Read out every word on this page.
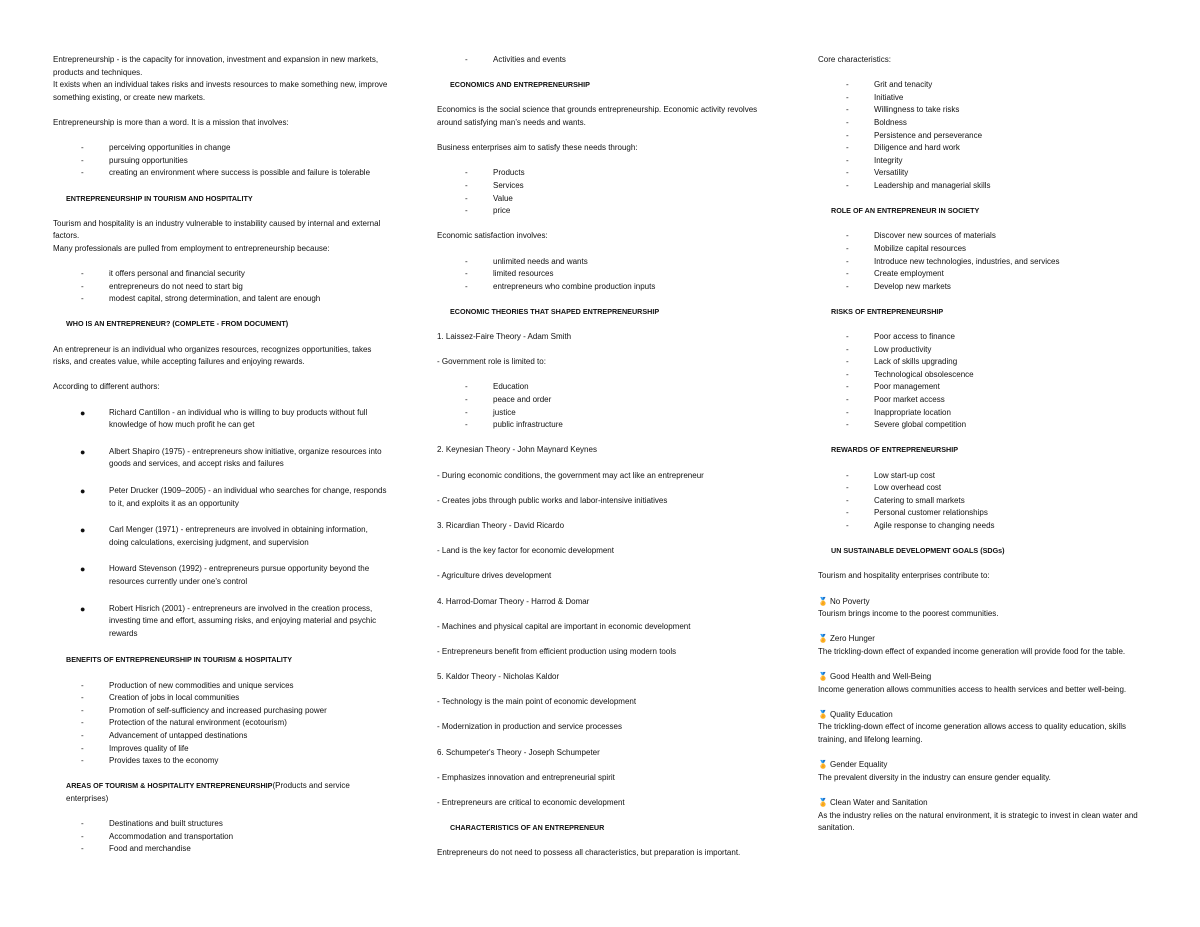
Entrepreneurship - is the capacity for innovation, investment and expansion in new markets, products and techniques.
It exists when an individual takes risks and invests resources to make something new, improve something existing, or create new markets.

Entrepreneurship is more than a word. It is a mission that involves:

- perceiving opportunities in change
- pursuing opportunities
- creating an environment where success is possible and failure is tolerable
ENTREPRENEURSHIP IN TOURISM AND HOSPITALITY

Tourism and hospitality is an industry vulnerable to instability caused by internal and external factors.
Many professionals are pulled from employment to entrepreneurship because:

- it offers personal and financial security
- entrepreneurs do not need to start big
- modest capital, strong determination, and talent are enough
WHO IS AN ENTREPRENEUR? (COMPLETE - FROM DOCUMENT)

An entrepreneur is an individual who organizes resources, recognizes opportunities, takes risks, and creates value, while accepting failures and enjoying rewards.

According to different authors:

● Richard Cantillon - an individual who is willing to buy products without full knowledge of how much profit he can get
● Albert Shapiro (1975) - entrepreneurs show initiative, organize resources into goods and services, and accept risks and failures
● Peter Drucker (1909–2005) - an individual who searches for change, responds to it, and exploits it as an opportunity
● Carl Menger (1971) - entrepreneurs are involved in obtaining information, doing calculations, exercising judgment, and supervision
● Howard Stevenson (1992) - entrepreneurs pursue opportunity beyond the resources currently under one’s control
● Robert Hisrich (2001) - entrepreneurs are involved in the creation process, investing time and effort, assuming risks, and enjoying material and psychic rewards
BENEFITS OF ENTREPRENEURSHIP IN TOURISM & HOSPITALITY
- Production of new commodities and unique services
- Creation of jobs in local communities
- Promotion of self-sufficiency and increased purchasing power
- Protection of the natural environment (ecotourism)
- Advancement of untapped destinations
- Improves quality of life
- Provides taxes to the economy

AREAS OF TOURISM & HOSPITALITY ENTREPRENEURSHIP(Products and service enterprises)

- Destinations and built structures
- Accommodation and transportation
- Food and merchandise
- Activities and events
ECONOMICS AND ENTREPRENEURSHIP

Economics is the social science that grounds entrepreneurship. Economic activity revolves around satisfying man’s needs and wants.

Business enterprises aim to satisfy these needs through:

- Products
- Services
- Value
- price

Economic satisfaction involves:

- unlimited needs and wants
- limited resources
- entrepreneurs who combine production inputs
ECONOMIC THEORIES THAT SHAPED ENTREPRENEURSHIP

1. Laissez-Faire Theory - Adam Smith

- Government role is limited to:

- Education
- peace and order
- justice
- public infrastructure

2. Keynesian Theory - John Maynard Keynes

- During economic conditions, the government may act like an entrepreneur

- Creates jobs through public works and labor-intensive initiatives

3. Ricardian Theory - David Ricardo

- Land is the key factor for economic development

- Agriculture drives development

4. Harrod-Domar Theory - Harrod & Domar

- Machines and physical capital are important in economic development

- Entrepreneurs benefit from efficient production using modern tools

5. Kaldor Theory - Nicholas Kaldor

- Technology is the main point of economic development

- Modernization in production and service processes

6. Schumpeter's Theory - Joseph Schumpeter

- Emphasizes innovation and entrepreneurial spirit

- Entrepreneurs are critical to economic development

CHARACTERISTICS OF AN ENTREPRENEUR

Entrepreneurs do not need to possess all characteristics, but preparation is important.

Core characteristics:

- Grit and tenacity
- Initiative
- Willingness to take risks
- Boldness
- Persistence and perseverance
- Diligence and hard work
- Integrity
- Versatility
- Leadership and managerial skills
ROLE OF AN ENTREPRENEUR IN SOCIETY
- Discover new sources of materials
- Mobilize capital resources
- Introduce new technologies, industries, and services
- Create employment
- Develop new markets
RISKS OF ENTREPRENEURSHIP
- Poor access to finance
- Low productivity
- Lack of skills upgrading
- Technological obsolescence
- Poor management
- Poor market access
- Inappropriate location
- Severe global competition
REWARDS OF ENTREPRENEURSHIP
- Low start-up cost
- Low overhead cost
- Catering to small markets
- Personal customer relationships
- Agile response to changing needs
UN SUSTAINABLE DEVELOPMENT GOALS (SDGs)

Tourism and hospitality enterprises contribute to:

🏅 No Poverty
Tourism brings income to the poorest communities.

🏅 Zero Hunger
The trickling-down effect of expanded income generation will provide food for the table.

🏅 Good Health and Well-Being
Income generation allows communities access to health services and better well-being.

🏅 Quality Education
The trickling-down effect of income generation allows access to quality education, skills training, and lifelong learning.

🏅 Gender Equality
The prevalent diversity in the industry can ensure gender equality.

🏅 Clean Water and Sanitation
As the industry relies on the natural environment, it is strategic to invest in clean water and sanitation.
